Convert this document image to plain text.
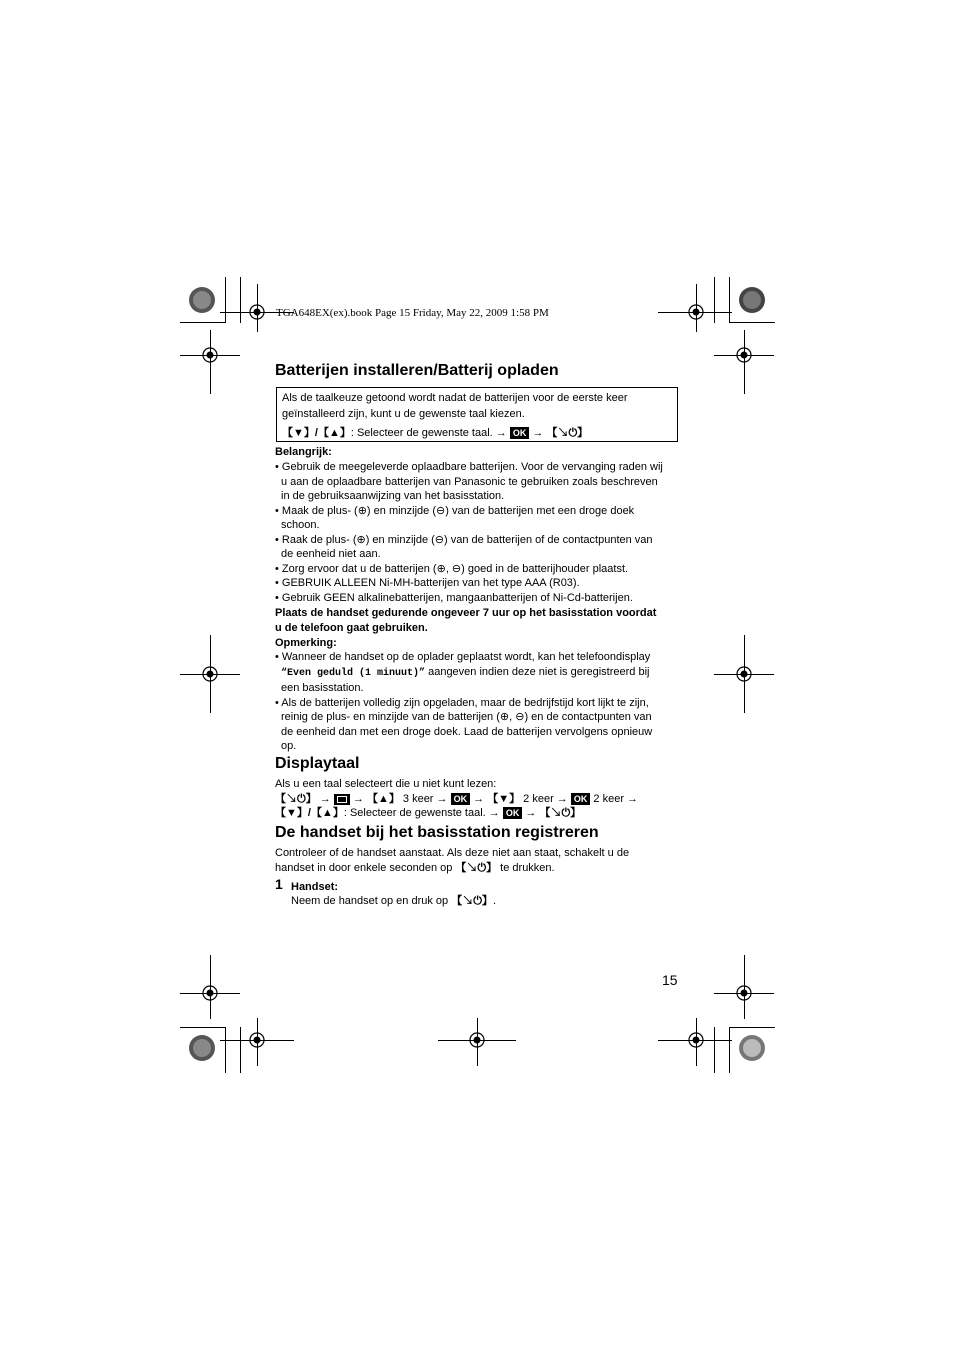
TGA648EX(ex).book Page 15 Friday, May 22, 2009 1:58 PM
Batterijen installeren/Batterij opladen
Als de taalkeuze getoond wordt nadat de batterijen voor de eerste keer
geïnstalleerd zijn, kunt u de gewenste taal kiezen.
【▼】/【▲】: Selecteer de gewenste taal. → OK → 【↘⏻】
Belangrijk:
• Gebruik de meegeleverde oplaadbare batterijen. Voor de vervanging raden wij
u aan de oplaadbare batterijen van Panasonic te gebruiken zoals beschreven
in de gebruiksaanwijzing van het basisstation.
• Maak de plus- (⊕) en minzijde (⊖) van de batterijen met een droge doek
schoon.
• Raak de plus- (⊕) en minzijde (⊖) van de batterijen of de contactpunten van
de eenheid niet aan.
• Zorg ervoor dat u de batterijen (⊕, ⊖) goed in de batterijhouder plaatst.
• GEBRUIK ALLEEN Ni-MH-batterijen van het type AAA (R03).
• Gebruik GEEN alkalinebatterijen, mangaanbatterijen of Ni-Cd-batterijen.
Plaats de handset gedurende ongeveer 7 uur op het basisstation voordat
u de telefoon gaat gebruiken.
Opmerking:
• Wanneer de handset op de oplader geplaatst wordt, kan het telefoondisplay
“Even geduld (1 minuut)” aangeven indien deze niet is geregistreerd bij
een basisstation.
• Als de batterijen volledig zijn opgeladen, maar de bedrijfstijd kort lijkt te zijn,
reinig de plus- en minzijde van de batterijen (⊕, ⊖) en de contactpunten van
de eenheid dan met een droge doek. Laad de batterijen vervolgens opnieuw
op.
Displaytaal
Als u een taal selecteert die u niet kunt lezen:
【↘⏻】 → → 【▲】 3 keer → OK → 【▼】 2 keer → OK 2 keer →
【▼】/【▲】: Selecteer de gewenste taal. → OK → 【↘⏻】
De handset bij het basisstation registreren
Controleer of de handset aanstaat. Als deze niet aan staat, schakelt u de
handset in door enkele seconden op 【↘⏻】 te drukken.
1 Handset:
Neem de handset op en druk op 【↘⏻】.
15
